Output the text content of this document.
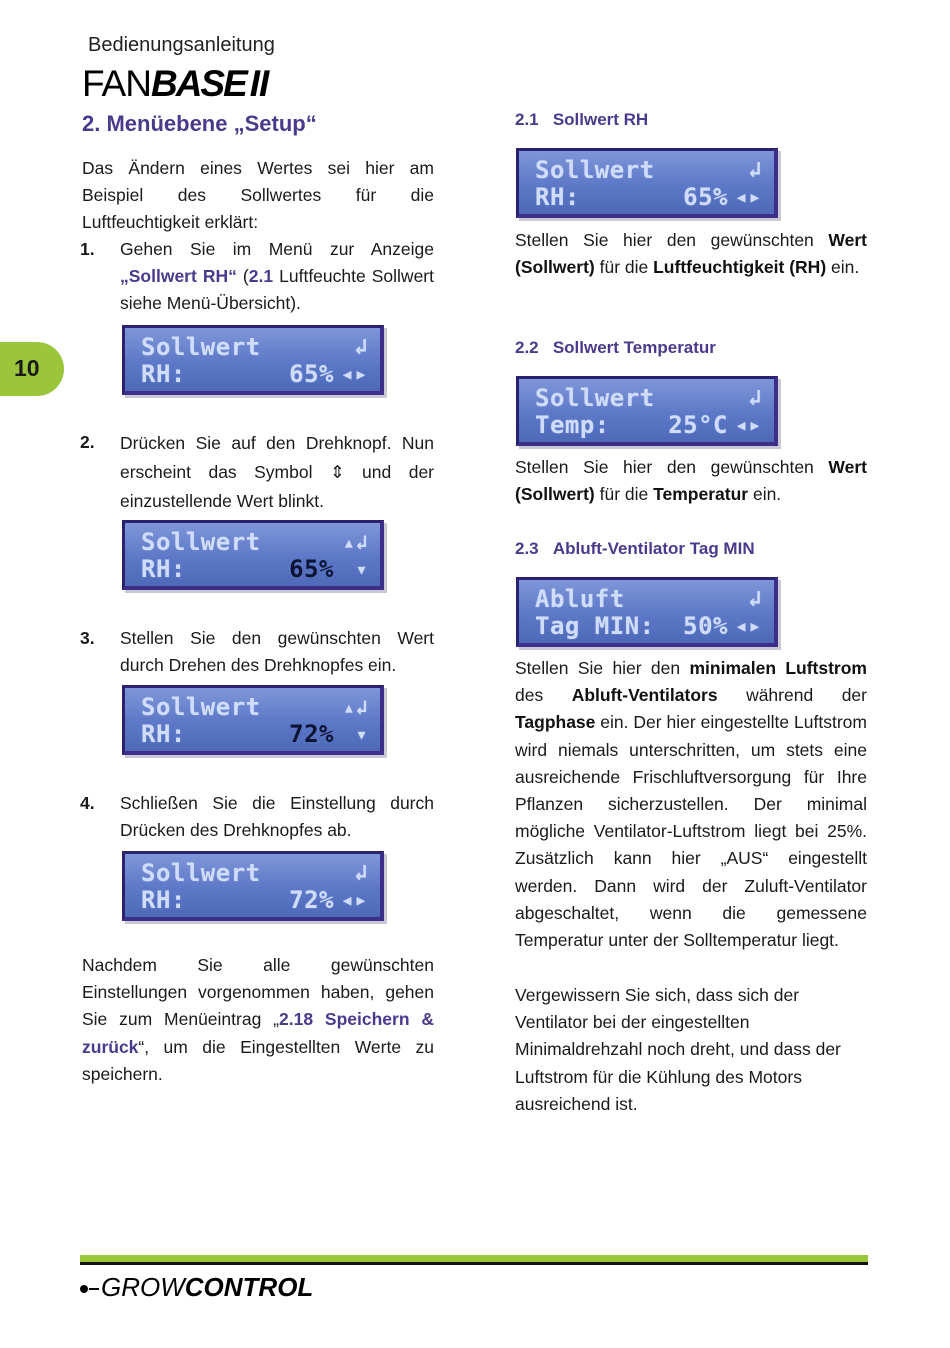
Bedienungsanleitung
FANBASE II
10
2. Menüebene „Setup“
Das Ändern eines Wertes sei hier am Beispiel des Sollwertes für die Luftfeuchtigkeit erklärt:
1. Gehen Sie im Menü zur Anzeige „Sollwert RH“ (2.1 Luftfeuchte Sollwert siehe Menü-Übersicht).
Sollwert	↲
RH:	65% ◂▸
2. Drücken Sie auf den Drehknopf. Nun erscheint das Symbol ⇕ und der einzustellende Wert blinkt.
Sollwert	▴↲
RH:	65%	▾
3. Stellen Sie den gewünschten Wert durch Drehen des Drehknopfes ein.
Sollwert	▴↲
RH:	72%	▾
4. Schließen Sie die Einstellung durch Drücken des Drehknopfes ab.
Sollwert	↲
RH:	72% ◂▸
Nachdem Sie alle gewünschten Einstellungen vorgenommen haben, gehen Sie zum Menüeintrag „2.18 Speichern & zurück“, um die Eingestellten Werte zu speichern.
2.1 Sollwert RH
Sollwert	↲
RH:	65% ◂▸
Stellen Sie hier den gewünschten Wert (Sollwert) für die Luftfeuchtigkeit (RH) ein.
2.2 Sollwert Temperatur
Sollwert	↲
Temp:	25°C ◂▸
Stellen Sie hier den gewünschten Wert (Sollwert) für die Temperatur ein.
2.3 Abluft-Ventilator Tag MIN
Abluft	↲
Tag MIN:	50% ◂▸
Stellen Sie hier den minimalen Luftstrom des Abluft-Ventilators während der Tagphase ein. Der hier eingestellte Luftstrom wird niemals unterschritten, um stets eine ausreichende Frischluftversorgung für Ihre Pflanzen sicherzustellen. Der minimal mögliche Ventilator-Luftstrom liegt bei 25%. Zusätzlich kann hier „AUS“ eingestellt werden. Dann wird der Zuluft-Ventilator abgeschaltet, wenn die gemessene Temperatur unter der Solltemperatur liegt.
Vergewissern Sie sich, dass sich der Ventilator bei der eingestellten Minimaldrehzahl noch dreht, und dass der Luftstrom für die Kühlung des Motors ausreichend ist.
GROWCONTROL
